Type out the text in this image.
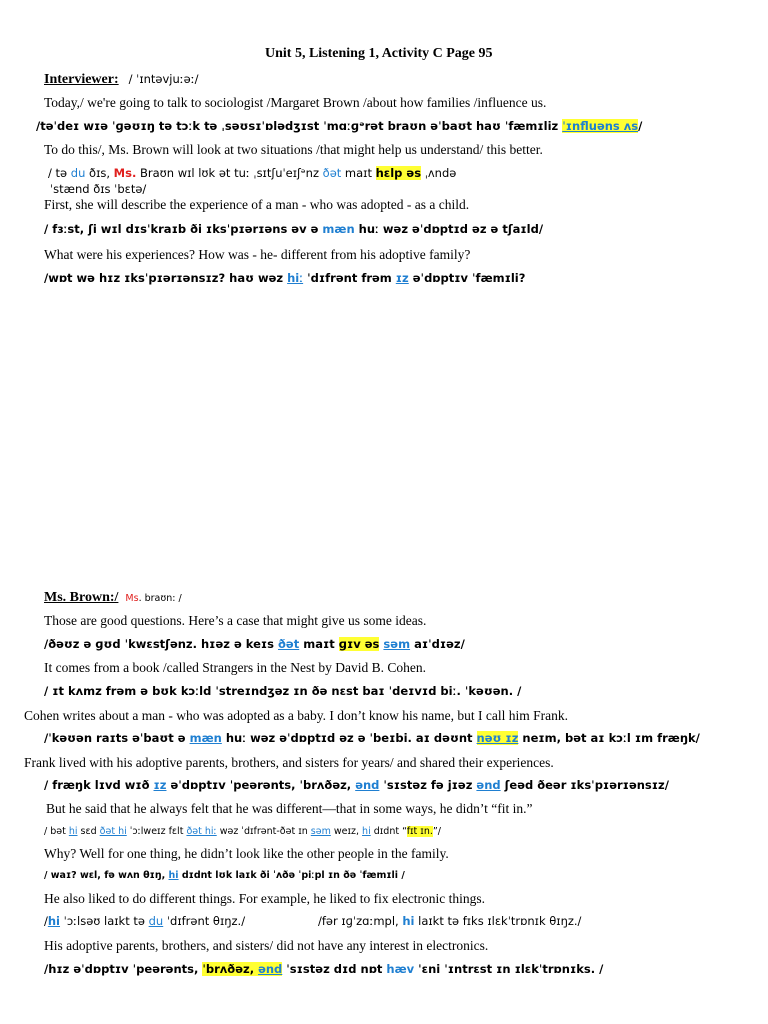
Unit 5, Listening 1, Activity C Page 95
Interviewer: / ˈɪntəvjuːəː/
Today,/ we're going to talk to sociologist /Margaret Brown /about how families /influence us.
/təˈdeɪ wɪə ˈɡəʊɪŋ tə tɔːk tə ˌsəʊsɪˈɒlədʒɪst ˈmɑːɡᵊrət braʊn əˈbaʊt haʊ ˈfæmɪliz ˈɪnfluəns ʌs/
To do this/, Ms. Brown will look at two situations /that might help us understand/ this better.
/ tə du ðɪs, Ms. Braʊn wɪl lʊk ət tuː ˌsɪtʃuˈeɪʃᵊnz ðət maɪt hɛlp əs ˌʌndə
ˈstænd ðɪs ˈbɛtə/
First, she will describe the experience of a man - who was adopted - as a child.
/ fɜːst, ʃi wɪl dɪsˈkraɪb ði ɪksˈpɪərɪəns əv ə mæn huː wəz əˈdɒptɪd əz ə tʃaɪld/
What were his experiences? How was - he- different from his adoptive family?
/wɒt wə hɪz ɪksˈpɪərɪənsɪz? haʊ wəz hiː ˈdɪfrənt frəm ɪz əˈdɒptɪv ˈfæmɪli?
Ms. Brown:/ Ms. braʊn: /
Those are good questions. Here’s a case that might give us some ideas.
/ðəʊz ə ɡʊd ˈkwɛstʃənz. hɪəz ə keɪs ðət maɪt ɡɪv əs səm aɪˈdɪəz/
It comes from a book /called Strangers in the Nest by David B. Cohen.
/ ɪt kʌmz frəm ə bʊk kɔːld ˈstreɪndʒəz ɪn ðə nɛst baɪ ˈdeɪvɪd biː. ˈkəʊən. /
Cohen writes about a man - who was adopted as a baby. I don’t know his name, but I call him Frank.
/ˈkəʊən raɪts əˈbaʊt ə mæn huː wəz əˈdɒptɪd əz ə ˈbeɪbi. aɪ dəʊnt nəʊ ɪz neɪm, bət aɪ kɔːl ɪm fræŋk/
Frank lived with his adoptive parents, brothers, and sisters for years/ and shared their experiences.
/ fræŋk lɪvd wɪð ɪz əˈdɒptɪv ˈpeərənts, ˈbrʌðəz, ənd ˈsɪstəz fə jɪəz ənd ʃeəd ðeər ɪksˈpɪərɪənsɪz/
But he said that he always felt that he was different—that in some ways, he didn’t “fit in.”
/ bət hi sɛd ðət hi ˈɔːlweɪz fɛlt ðət hiː wəz ˈdɪfrənt-ðət ɪn səm weɪz, hi dɪdnt “fɪt ɪn.”/
Why? Well for one thing, he didn’t look like the other people in the family.
/ waɪ? wɛl, fə wʌn θɪŋ, hi dɪdnt lʊk laɪk ði ˈʌðə ˈpiːpl ɪn ðə ˈfæmɪli /
He also liked to do different things. For example, he liked to fix electronic things.
/hi ˈɔːlsəʊ laɪkt tə du ˈdɪfrənt θɪŋz./	/fər ɪɡˈzɑːmpl, hi laɪkt tə fɪks ɪlɛkˈtrɒnɪk θɪŋz./
His adoptive parents, brothers, and sisters/ did not have any interest in electronics.
/hɪz əˈdɒptɪv ˈpeərənts, ˈbrʌðəz, ənd ˈsɪstəz dɪd nɒt hæv ˈɛni ˈɪntrɛst ɪn ɪlɛkˈtrɒnɪks. /
